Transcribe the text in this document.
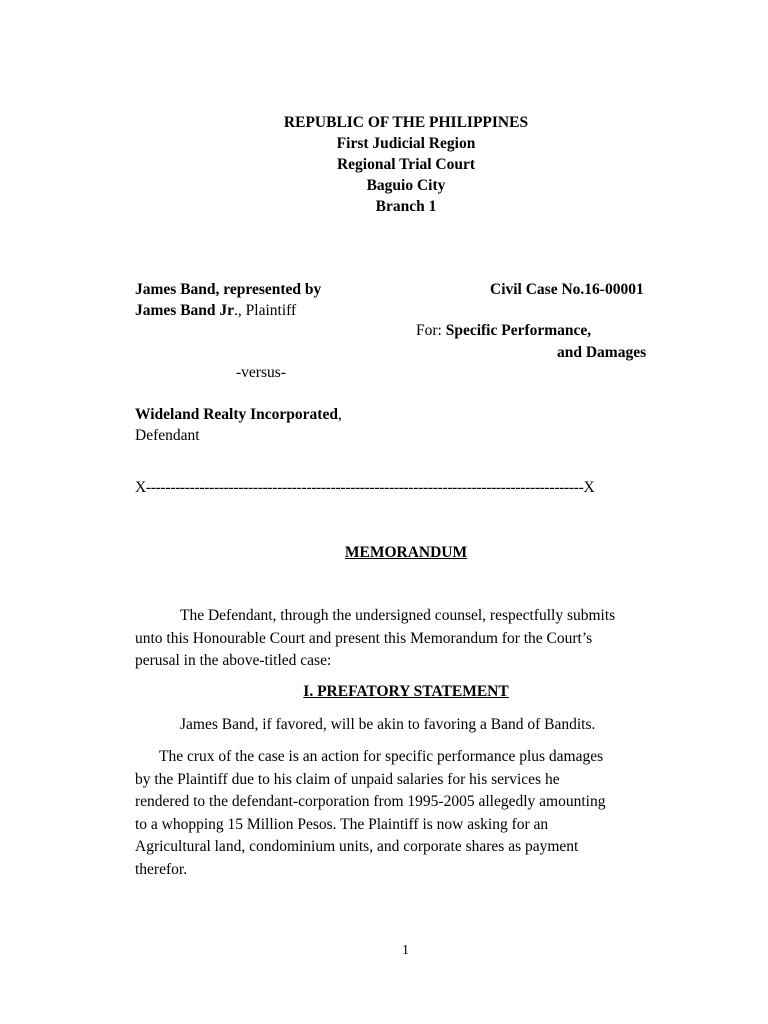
REPUBLIC OF THE PHILIPPINES
First Judicial Region
Regional Trial Court
Baguio City
Branch 1
James Band, represented by
James Band Jr., Plaintiff
Civil Case No.16-00001
For: Specific Performance,
and Damages
-versus-
Wideland Realty Incorporated,
Defendant
X------------------------------------------------------------------------------------------X
MEMORANDUM
The Defendant, through the undersigned counsel, respectfully submits
unto this Honourable Court and present this Memorandum for the Court’s
perusal in the above-titled case:
I. PREFATORY STATEMENT
James Band, if favored, will be akin to favoring a Band of Bandits.
The crux of the case is an action for specific performance plus damages
by the Plaintiff due to his claim of unpaid salaries for his services he
rendered to the defendant-corporation from 1995-2005 allegedly amounting
to a whopping 15 Million Pesos. The Plaintiff is now asking for an
Agricultural land, condominium units, and corporate shares as payment
therefor.
1
